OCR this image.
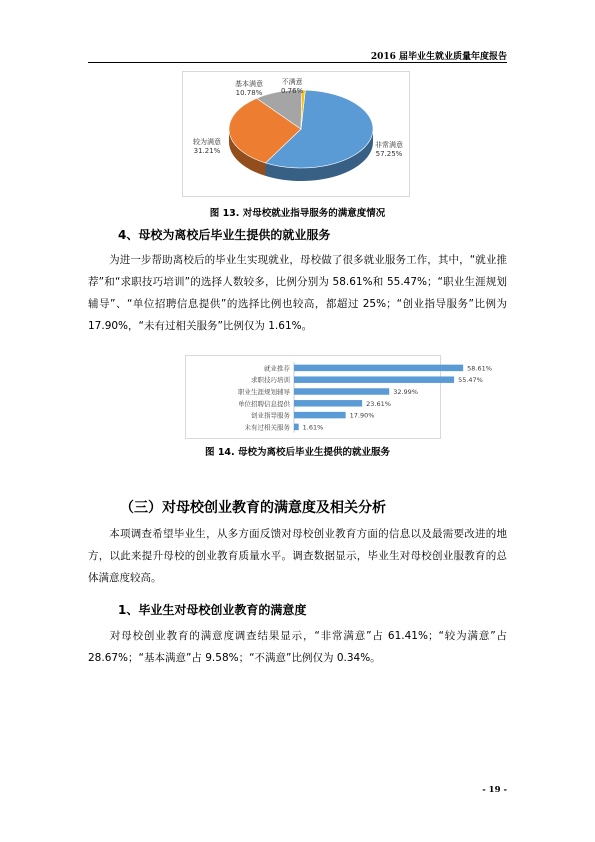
2016 届毕业生就业质量年度报告
基本满意
10.78%
不满意
0.76%
较为满意
31.21%
非常满意
57.25%
图 13. 对母校就业指导服务的满意度情况
4、母校为离校后毕业生提供的就业服务
为进一步帮助离校后的毕业生实现就业，母校做了很多就业服务工作，其中，“就业推荐”和“求职技巧培训”的选择人数较多，比例分别为 58.61%和 55.47%；“职业生涯规划辅导”、“单位招聘信息提供”的选择比例也较高，都超过 25%；“创业指导服务”比例为 17.90%，“未有过相关服务”比例仅为 1.61%。
就业推荐	58.61%
求职技巧培训	55.47%
职业生涯规划辅导	32.99%
单位招聘信息提供	23.61%
创业指导服务	17.90%
未有过相关服务 1.61%
图 14. 母校为离校后毕业生提供的就业服务
（三）对母校创业教育的满意度及相关分析
本项调查希望毕业生，从多方面反馈对母校创业教育方面的信息以及最需要改进的地方，以此来提升母校的创业教育质量水平。调查数据显示，毕业生对母校创业服教育的总体满意度较高。
1、毕业生对母校创业教育的满意度
对母校创业教育的满意度调查结果显示，“非常满意”占 61.41%；“较为满意”占 28.67%；“基本满意”占 9.58%；“不满意”比例仅为 0.34%。
- 19 -
